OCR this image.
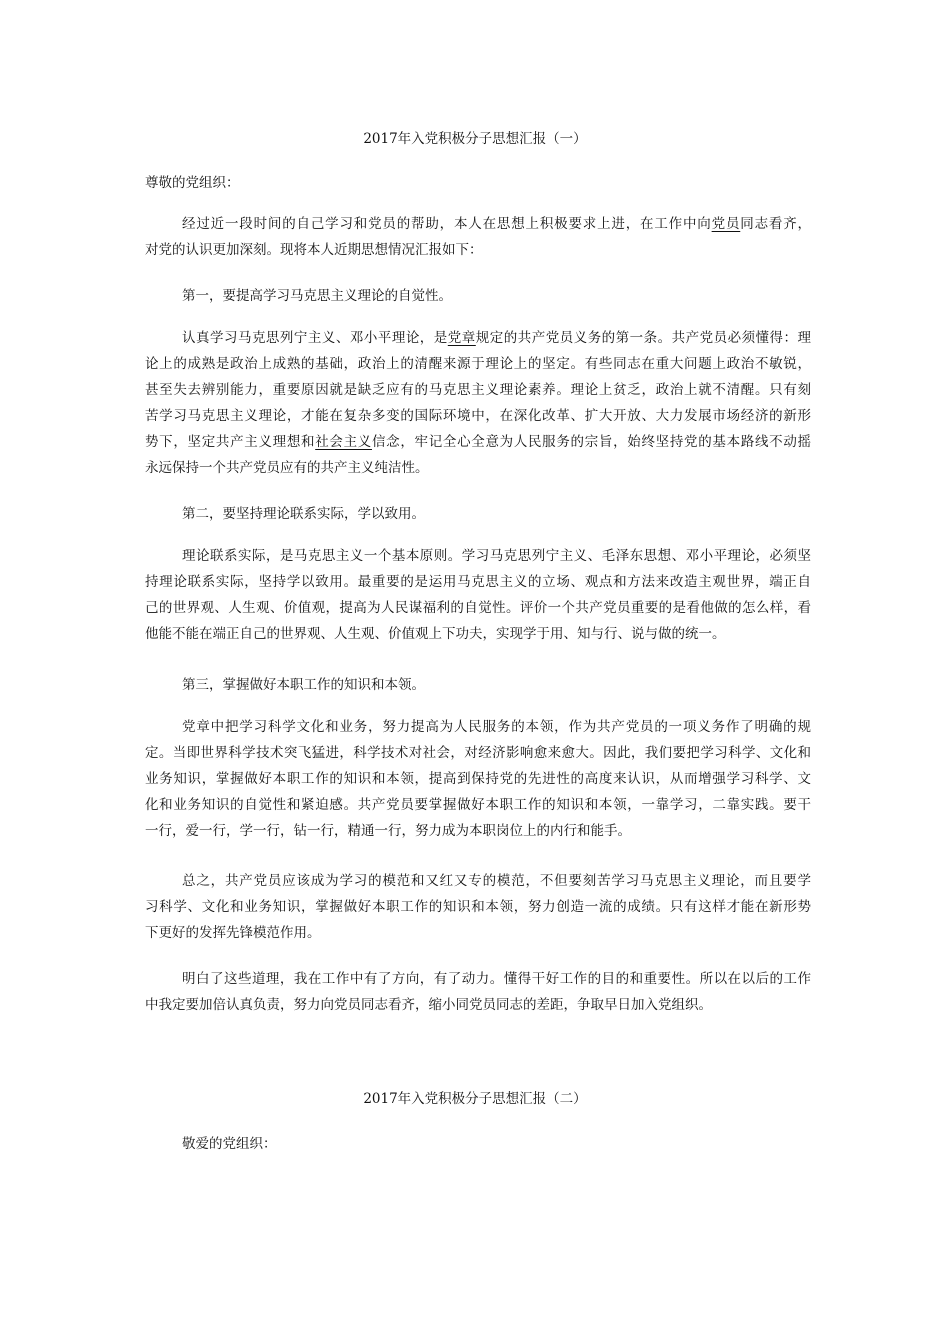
2017年入党积极分子思想汇报（一）
尊敬的党组织：
经过近一段时间的自己学习和党员的帮助，本人在思想上积极要求上进，在工作中向党员同志看齐，
对党的认识更加深刻。现将本人近期思想情况汇报如下：
第一，要提高学习马克思主义理论的自觉性。
认真学习马克思列宁主义、邓小平理论，是党章规定的共产党员义务的第一条。共产党员必须懂得：理
论上的成熟是政治上成熟的基础，政治上的清醒来源于理论上的坚定。有些同志在重大问题上政治不敏锐，
甚至失去辨别能力，重要原因就是缺乏应有的马克思主义理论素养。理论上贫乏，政治上就不清醒。只有刻
苦学习马克思主义理论，才能在复杂多变的国际环境中，在深化改革、扩大开放、大力发展市场经济的新形
势下，坚定共产主义理想和社会主义信念，牢记全心全意为人民服务的宗旨，始终坚持党的基本路线不动摇
永远保持一个共产党员应有的共产主义纯洁性。
第二，要坚持理论联系实际，学以致用。
理论联系实际，是马克思主义一个基本原则。学习马克思列宁主义、毛泽东思想、邓小平理论，必须坚
持理论联系实际，坚持学以致用。最重要的是运用马克思主义的立场、观点和方法来改造主观世界，端正自
己的世界观、人生观、价值观，提高为人民谋福利的自觉性。评价一个共产党员重要的是看他做的怎么样，看
他能不能在端正自己的世界观、人生观、价值观上下功夫，实现学于用、知与行、说与做的统一。
第三，掌握做好本职工作的知识和本领。
党章中把学习科学文化和业务，努力提高为人民服务的本领，作为共产党员的一项义务作了明确的规
定。当即世界科学技术突飞猛进，科学技术对社会，对经济影响愈来愈大。因此，我们要把学习科学、文化和
业务知识，掌握做好本职工作的知识和本领，提高到保持党的先进性的高度来认识，从而增强学习科学、文
化和业务知识的自觉性和紧迫感。共产党员要掌握做好本职工作的知识和本领，一靠学习，二靠实践。要干
一行，爱一行，学一行，钻一行，精通一行，努力成为本职岗位上的内行和能手。
总之，共产党员应该成为学习的模范和又红又专的模范，不但要刻苦学习马克思主义理论，而且要学
习科学、文化和业务知识，掌握做好本职工作的知识和本领，努力创造一流的成绩。只有这样才能在新形势
下更好的发挥先锋模范作用。
明白了这些道理，我在工作中有了方向，有了动力。懂得干好工作的目的和重要性。所以在以后的工作
中我定要加倍认真负责，努力向党员同志看齐，缩小同党员同志的差距，争取早日加入党组织。
2017年入党积极分子思想汇报（二）
敬爱的党组织：
